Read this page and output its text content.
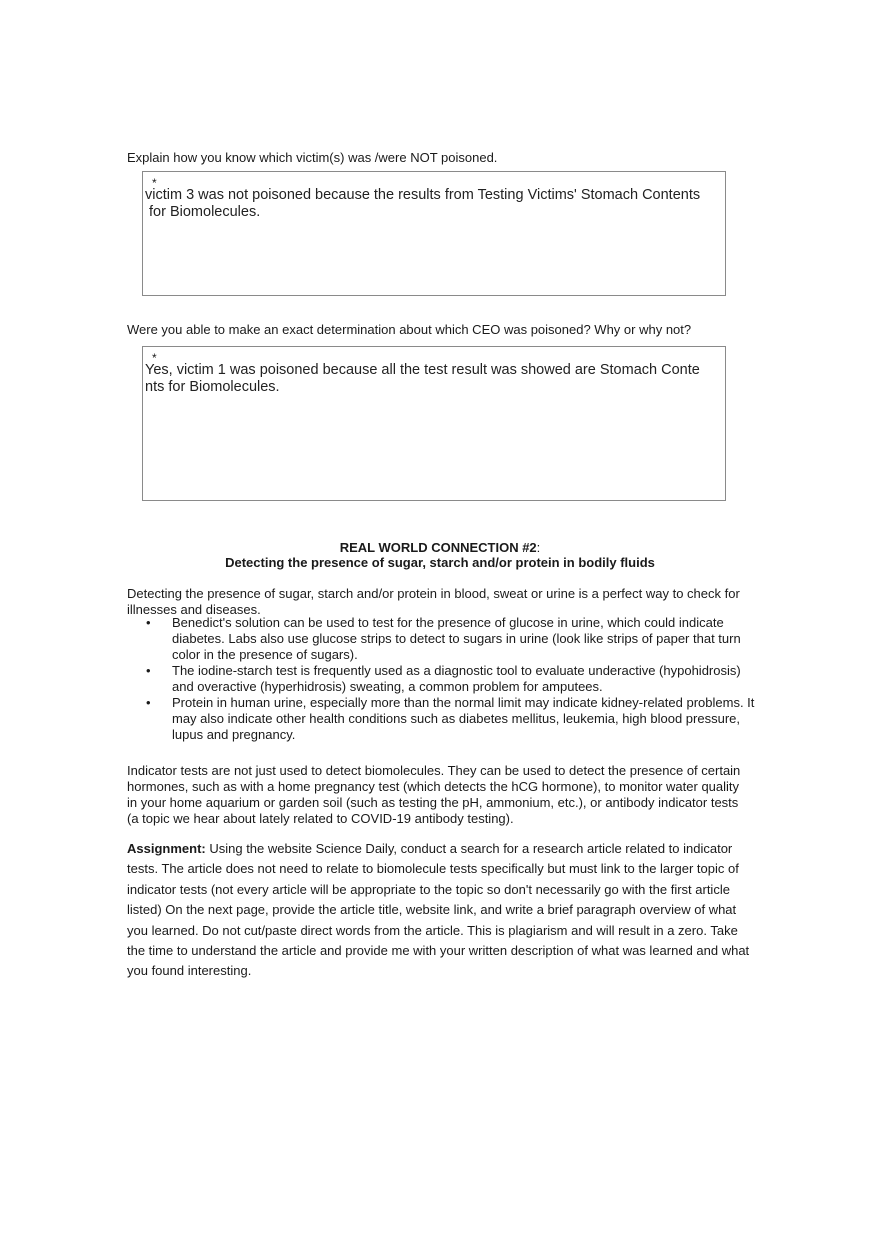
Explain how you know which victim(s) was /were NOT poisoned.
*
victim 3 was not poisoned because the results from Testing Victims' Stomach Contents
for Biomolecules.
Were you able to make an exact determination about which CEO was poisoned? Why or why not?
*
Yes, victim 1 was poisoned because all the test result was showed are Stomach Conte
nts for Biomolecules.
REAL WORLD CONNECTION #2:
Detecting the presence of sugar, starch and/or protein in bodily fluids
Detecting the presence of sugar, starch and/or protein in blood, sweat or urine is a perfect way to check for illnesses and diseases.
• Benedict's solution can be used to test for the presence of glucose in urine, which could indicate diabetes. Labs also use glucose strips to detect to sugars in urine (look like strips of paper that turn color in the presence of sugars).
• The iodine-starch test is frequently used as a diagnostic tool to evaluate underactive (hypohidrosis) and overactive (hyperhidrosis) sweating, a common problem for amputees.
• Protein in human urine, especially more than the normal limit may indicate kidney-related problems. It may also indicate other health conditions such as diabetes mellitus, leukemia, high blood pressure, lupus and pregnancy.
Indicator tests are not just used to detect biomolecules. They can be used to detect the presence of certain hormones, such as with a home pregnancy test (which detects the hCG hormone), to monitor water quality in your home aquarium or garden soil (such as testing the pH, ammonium, etc.), or antibody indicator tests (a topic we hear about lately related to COVID-19 antibody testing).
Assignment: Using the website Science Daily, conduct a search for a research article related to indicator tests. The article does not need to relate to biomolecule tests specifically but must link to the larger topic of indicator tests (not every article will be appropriate to the topic so don't necessarily go with the first article listed) On the next page, provide the article title, website link, and write a brief paragraph overview of what you learned. Do not cut/paste direct words from the article. This is plagiarism and will result in a zero. Take the time to understand the article and provide me with your written description of what was learned and what you found interesting.
